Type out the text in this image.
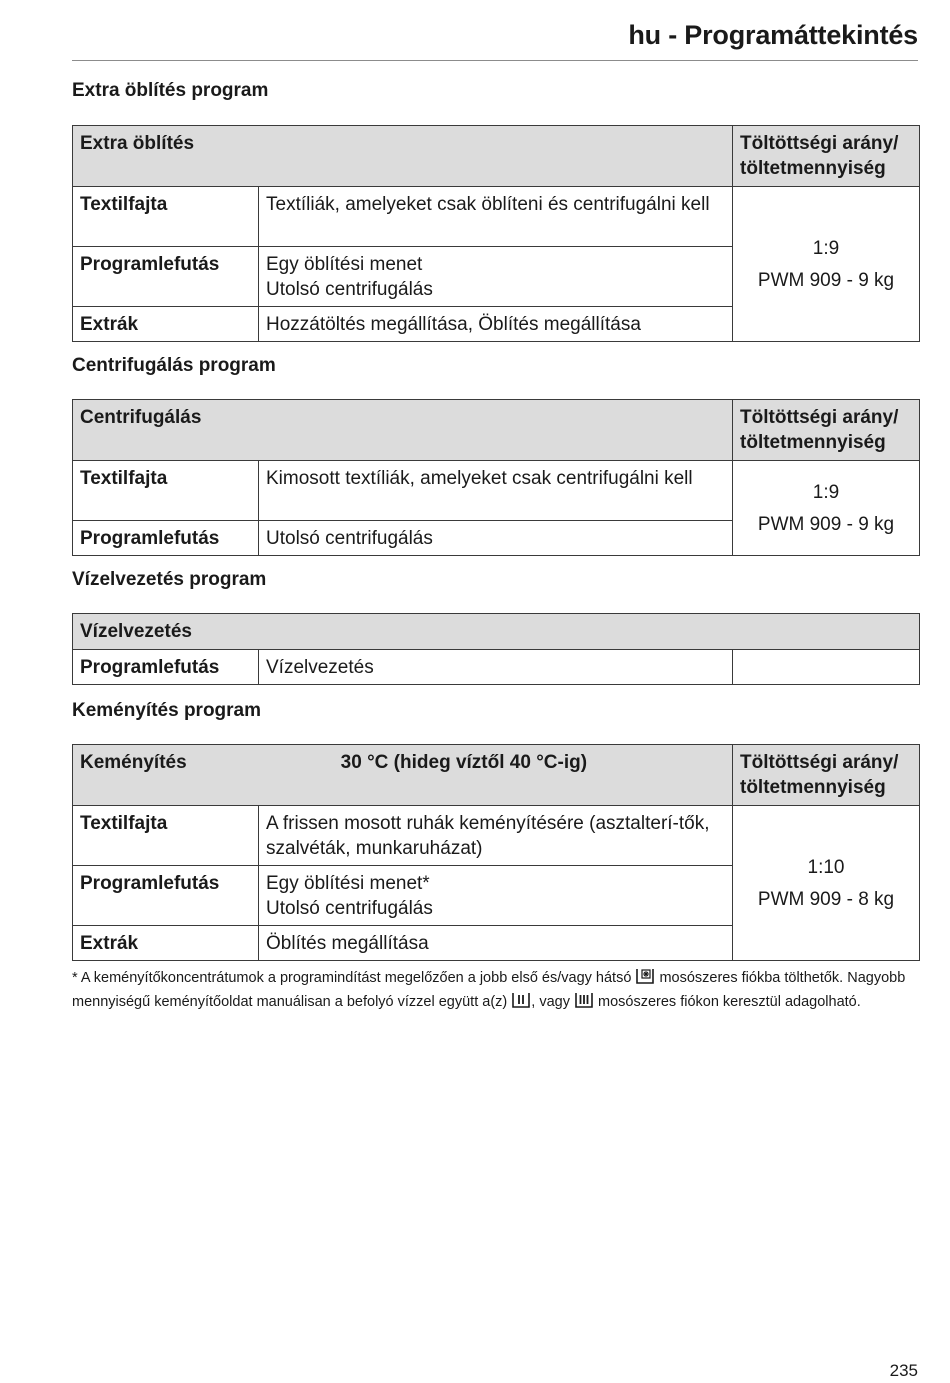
hu - Programáttekintés
Extra öblítés program
Extra öblítés		Töltöttségi arány/ töltetmennyiség
Textilfajta	Textíliák, amelyeket csak öblíteni és centrifugálni kell	1:9
PWM 909 - 9 kg

Programlefutás	Egy öblítési menet
Utolsó centrifugálás	

Extrák	Hozzátöltés megállítása, Öblítés megállítása	
Centrifugálás program
Centrifugálás		Töltöttségi arány/ töltetmennyiség
Textilfajta	Kimosott textíliák, amelyeket csak centrifugálni kell	1:9
PWM 909 - 9 kg

Programlefutás	Utolsó centrifugálás	
Vízelvezetés program
Vízelvezetés
Programlefutás	Vízelvezetés	
Keményítés program
Keményítés 30 °C (hideg víztől 40 °C-ig)		Töltöttségi arány/ töltetmennyiség
Textilfajta	A frissen mosott ruhák keményítésére (asztalterí-tők, szalvéták, munkaruházat)	1:10
PWM 909 - 8 kg

Programlefutás	Egy öblítési menet*
Utolsó centrifugálás	

Extrák	Öblítés megállítása	
* A keményítőkoncentrátumok a programindítást megelőzően a jobb első és/vagy hátsó mosószeres fiókba tölthetők. Nagyobb mennyiségű keményítőoldat manuálisan a befolyó vízzel együtt a(z) , vagy mosószeres fiókon keresztül adagolható.
235
